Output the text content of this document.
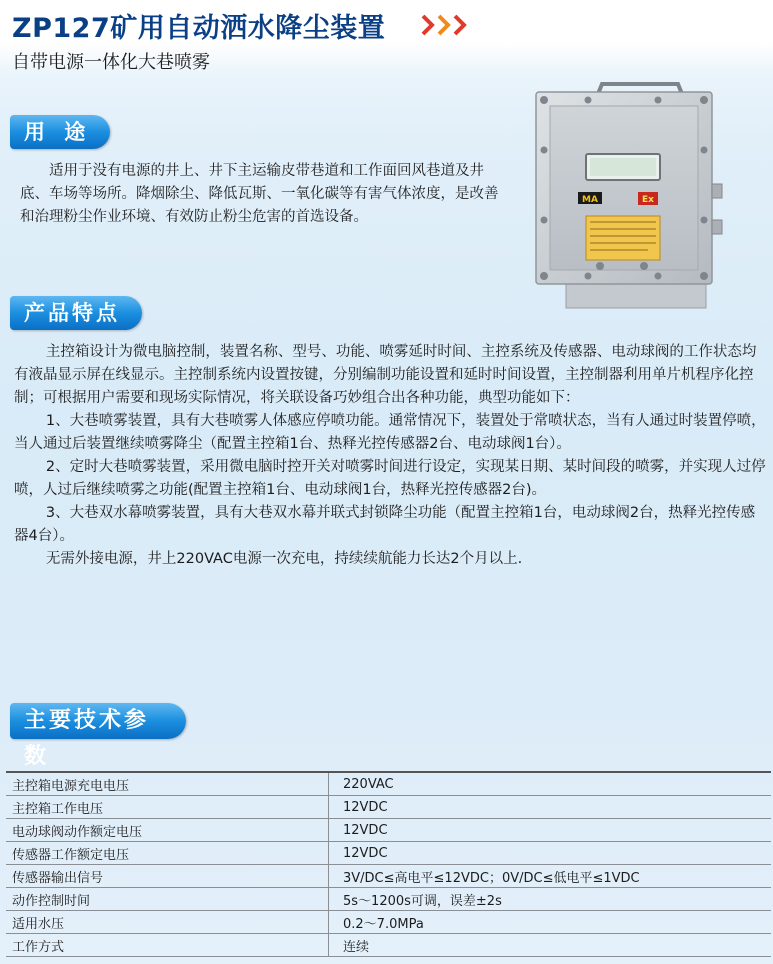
ZP127矿用自动洒水降尘装置
自带电源一体化大巷喷雾
用 途
适用于没有电源的井上、井下主运输皮带巷道和工作面回风巷道及井底、车场等场所。降烟除尘、降低瓦斯、一氧化碳等有害气体浓度，是改善和治理粉尘作业环境、有效防止粉尘危害的首选设备。
MA	Ex
产品特点

主控箱设计为微电脑控制，装置名称、型号、功能、喷雾延时时间、主控系统及传感器、电动球阀的工作状态均有液晶显示屏在线显示。主控制系统内设置按键，分别编制功能设置和延时时间设置，主控制器利用单片机程序化控制；可根据用户需要和现场实际情况，将关联设备巧妙组合出各种功能，典型功能如下：

1、大巷喷雾装置，具有大巷喷雾人体感应停喷功能。通常情况下，装置处于常喷状态，当有人通过时装置停喷，当人通过后装置继续喷雾降尘（配置主控箱1台、热释光控传感器2台、电动球阀1台）。

2、定时大巷喷雾装置，采用微电脑时控开关对喷雾时间进行设定，实现某日期、某时间段的喷雾，并实现人过停喷，人过后继续喷雾之功能(配置主控箱1台、电动球阀1台，热释光控传感器2台)。

3、大巷双水幕喷雾装置，具有大巷双水幕并联式封锁降尘功能（配置主控箱1台，电动球阀2台，热释光控传感器4台）。

无需外接电源，井上220VAC电源一次充电，持续续航能力长达2个月以上.

主要技术参数
主控箱电源充电电压	220VAC
主控箱工作电压	12VDC
电动球阀动作额定电压	12VDC
传感器工作额定电压	12VDC
传感器输出信号	3V/DC≤高电平≤12VDC；0V/DC≤低电平≤1VDC
动作控制时间	5s～1200s可调，误差±2s
适用水压	0.2～7.0MPa
工作方式	连续
